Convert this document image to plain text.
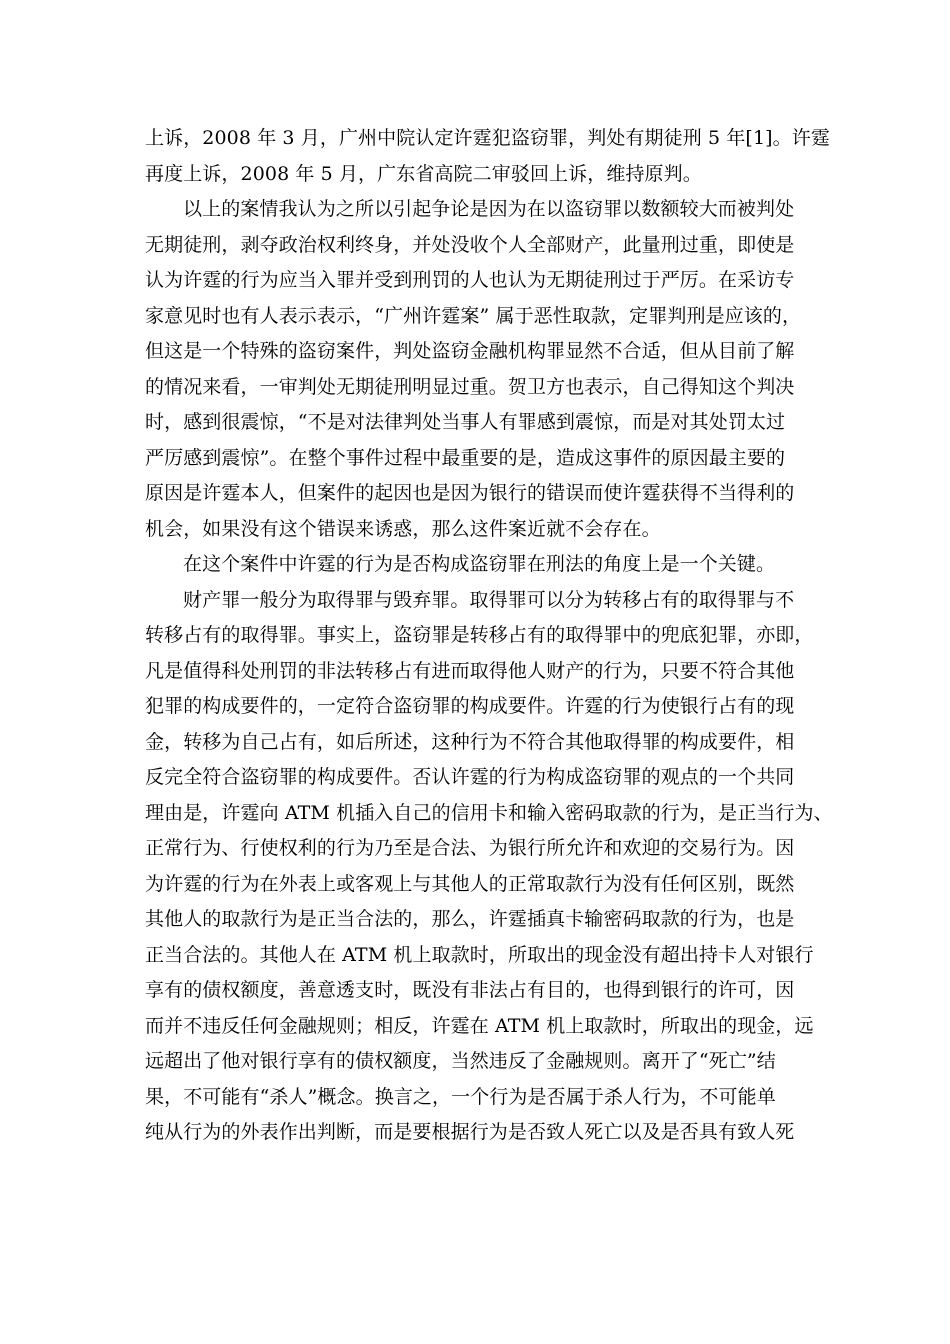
上诉，2008 年 3 月，广州中院认定许霆犯盗窃罪，判处有期徒刑 5 年[1]。许霆
再度上诉，2008 年 5 月，广东省高院二审驳回上诉，维持原判。
以上的案情我认为之所以引起争论是因为在以盗窃罪以数额较大而被判处
无期徒刑，剥夺政治权利终身，并处没收个人全部财产，此量刑过重，即使是
认为许霆的行为应当入罪并受到刑罚的人也认为无期徒刑过于严厉。在采访专
家意见时也有人表示表示，“广州许霆案” 属于恶性取款，定罪判刑是应该的，
但这是一个特殊的盗窃案件，判处盗窃金融机构罪显然不合适，但从目前了解
的情况来看，一审判处无期徒刑明显过重。贺卫方也表示，自己得知这个判决
时，感到很震惊，“不是对法律判处当事人有罪感到震惊，而是对其处罚太过
严厉感到震惊”。在整个事件过程中最重要的是，造成这事件的原因最主要的
原因是许霆本人，但案件的起因也是因为银行的错误而使许霆获得不当得利的
机会，如果没有这个错误来诱惑，那么这件案近就不会存在。
在这个案件中许霆的行为是否构成盗窃罪在刑法的角度上是一个关键。
财产罪一般分为取得罪与毁弃罪。取得罪可以分为转移占有的取得罪与不
转移占有的取得罪。事实上，盗窃罪是转移占有的取得罪中的兜底犯罪，亦即，
凡是值得科处刑罚的非法转移占有进而取得他人财产的行为，只要不符合其他
犯罪的构成要件的，一定符合盗窃罪的构成要件。许霆的行为使银行占有的现
金，转移为自己占有，如后所述，这种行为不符合其他取得罪的构成要件，相
反完全符合盗窃罪的构成要件。否认许霆的行为构成盗窃罪的观点的一个共同
理由是，许霆向 ATM 机插入自己的信用卡和输入密码取款的行为，是正当行为、
正常行为、行使权利的行为乃至是合法、为银行所允许和欢迎的交易行为。因
为许霆的行为在外表上或客观上与其他人的正常取款行为没有任何区别，既然
其他人的取款行为是正当合法的，那么，许霆插真卡输密码取款的行为，也是
正当合法的。其他人在 ATM 机上取款时，所取出的现金没有超出持卡人对银行
享有的债权额度，善意透支时，既没有非法占有目的，也得到银行的许可，因
而并不违反任何金融规则；相反，许霆在 ATM 机上取款时，所取出的现金，远
远超出了他对银行享有的债权额度，当然违反了金融规则。离开了“死亡”结
果，不可能有“杀人”概念。换言之，一个行为是否属于杀人行为，不可能单
纯从行为的外表作出判断，而是要根据行为是否致人死亡以及是否具有致人死
